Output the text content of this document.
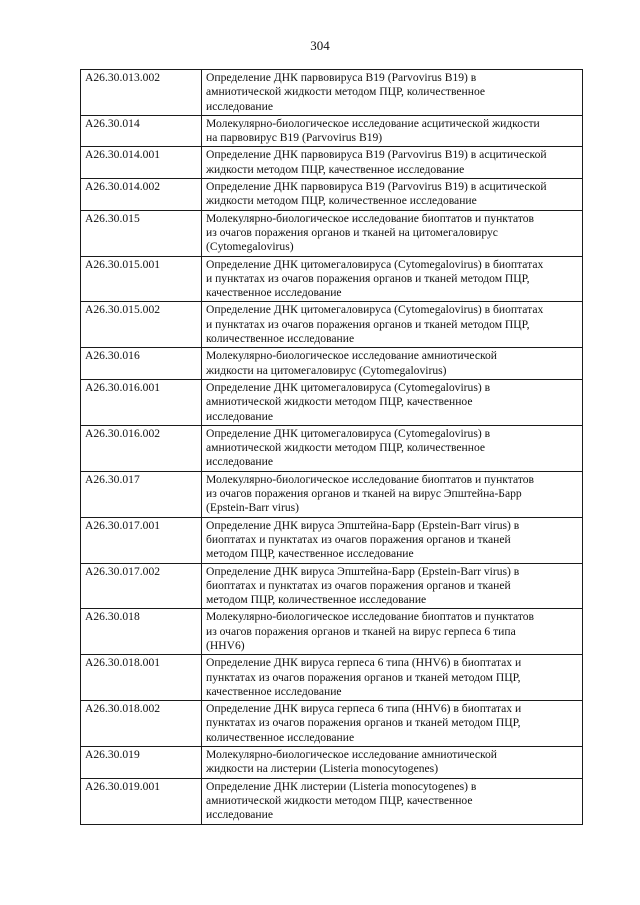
304
A26.30.013.002	Определение ДНК парвовируса B19 (Parvovirus B19) в
амниотической жидкости методом ПЦР, количественное
исследование
A26.30.014	Молекулярно-биологическое исследование асцитической жидкости
на парвовирус B19 (Parvovirus B19)
A26.30.014.001	Определение ДНК парвовируса B19 (Parvovirus B19) в асцитической
жидкости методом ПЦР, качественное исследование
A26.30.014.002	Определение ДНК парвовируса B19 (Parvovirus B19) в асцитической
жидкости методом ПЦР, количественное исследование
A26.30.015	Молекулярно-биологическое исследование биоптатов и пунктатов
из очагов поражения органов и тканей на цитомегаловирус
(Cytomegalovirus)
A26.30.015.001	Определение ДНК цитомегаловируса (Cytomegalovirus) в биоптатах
и пунктатах из очагов поражения органов и тканей методом ПЦР,
качественное исследование
A26.30.015.002	Определение ДНК цитомегаловируса (Cytomegalovirus) в биоптатах
и пунктатах из очагов поражения органов и тканей методом ПЦР,
количественное исследование
A26.30.016	Молекулярно-биологическое исследование амниотической
жидкости на цитомегаловирус (Cytomegalovirus)
A26.30.016.001	Определение ДНК цитомегаловируса (Cytomegalovirus) в
амниотической жидкости методом ПЦР, качественное
исследование
A26.30.016.002	Определение ДНК цитомегаловируса (Cytomegalovirus) в
амниотической жидкости методом ПЦР, количественное
исследование
A26.30.017	Молекулярно-биологическое исследование биоптатов и пунктатов
из очагов поражения органов и тканей на вирус Эпштейна-Барр
(Epstein-Barr virus)
A26.30.017.001	Определение ДНК вируса Эпштейна-Барр (Epstein-Barr virus) в
биоптатах и пунктатах из очагов поражения органов и тканей
методом ПЦР, качественное исследование
A26.30.017.002	Определение ДНК вируса Эпштейна-Барр (Epstein-Barr virus) в
биоптатах и пунктатах из очагов поражения органов и тканей
методом ПЦР, количественное исследование
A26.30.018	Молекулярно-биологическое исследование биоптатов и пунктатов
из очагов поражения органов и тканей на вирус герпеса 6 типа
(HHV6)
A26.30.018.001	Определение ДНК вируса герпеса 6 типа (HHV6) в биоптатах и
пунктатах из очагов поражения органов и тканей методом ПЦР,
качественное исследование
A26.30.018.002	Определение ДНК вируса герпеса 6 типа (HHV6) в биоптатах и
пунктатах из очагов поражения органов и тканей методом ПЦР,
количественное исследование
A26.30.019	Молекулярно-биологическое исследование амниотической
жидкости на листерии (Listeria monocytogenes)
A26.30.019.001	Определение ДНК листерии (Listeria monocytogenes) в
амниотической жидкости методом ПЦР, качественное
исследование
